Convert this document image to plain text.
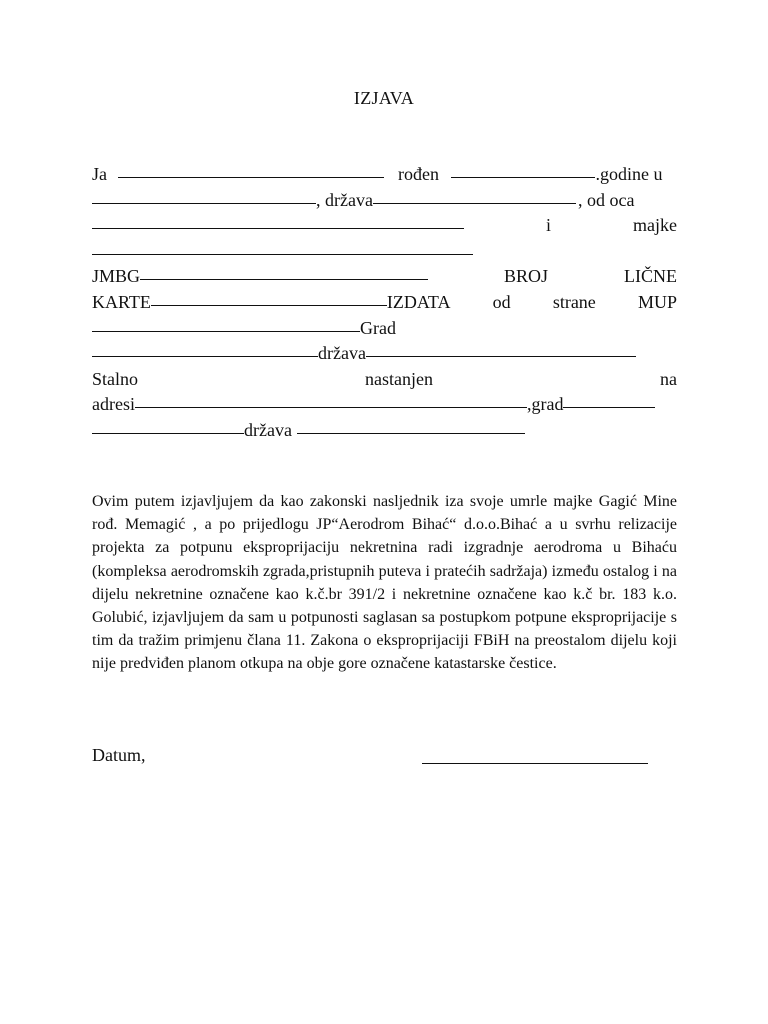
IZJAVA
Ja	rođen	.godine u
, država	, od oca
i	majke
JMBG	BROJ	LIČNE
KARTE	IZDATA od strane MUP
Grad
država
Stalno	nastanjen	na
adresi	,grad
država
Ovim putem izjavljujem da kao zakonski nasljednik iza svoje umrle majke Gagić Mine rođ. Memagić , a po prijedlogu JP“Aerodrom Bihać“ d.o.o.Bihać a u svrhu relizacije projekta za potpunu eksproprijaciju nekretnina radi izgradnje aerodroma u Bihaću (kompleksa aerodromskih zgrada,pristupnih puteva i pratećih sadržaja) između ostalog i na dijelu nekretnine označene kao k.č.br 391/2 i nekretnine označene kao k.č br. 183 k.o. Golubić, izjavljujem da sam u potpunosti saglasan sa postupkom potpune eksproprijacije s tim da tražim primjenu člana 11. Zakona o eksproprijaciji FBiH na preostalom dijelu koji nije predviđen planom otkupa na obje gore označene katastarske čestice.
Datum,
